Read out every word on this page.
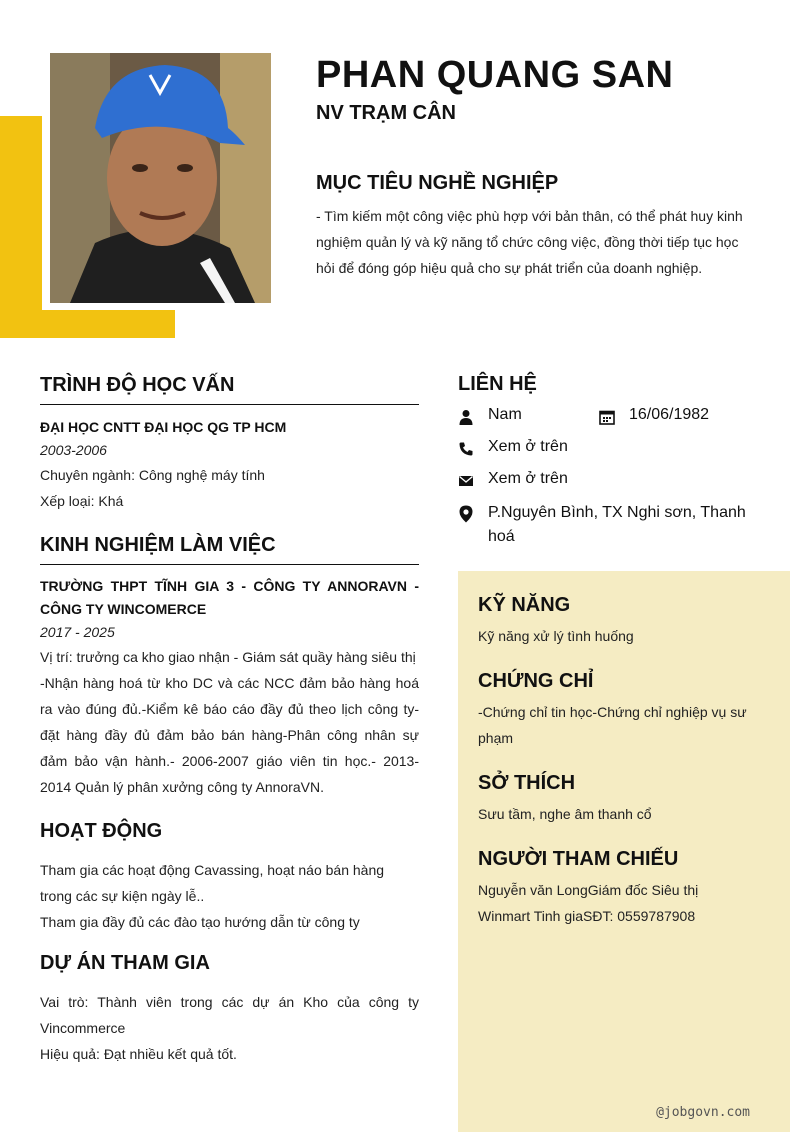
PHAN QUANG SAN
NV TRẠM CÂN
MỤC TIÊU NGHỀ NGHIỆP
- Tìm kiếm một công việc phù hợp với bản thân, có thể phát huy kinh nghiệm quản lý và kỹ năng tổ chức công việc, đồng thời tiếp tục học hỏi để đóng góp hiệu quả cho sự phát triển của doanh nghiệp.
TRÌNH ĐỘ HỌC VẤN
ĐẠI HỌC CNTT ĐẠI HỌC QG TP HCM
2003-2006
Chuyên ngành: Công nghệ máy tính
Xếp loại: Khá
KINH NGHIỆM LÀM VIỆC
TRƯỜNG THPT TĨNH GIA 3 - CÔNG TY ANNORAVN - CÔNG TY WINCOMERCE
2017 - 2025
Vị trí: trưởng ca kho giao nhận - Giám sát quầy hàng siêu thị
-Nhận hàng hoá từ kho DC và các NCC đảm bảo hàng hoá ra vào đúng đủ.-Kiểm kê báo cáo đầy đủ theo lịch công ty-đặt hàng đầy đủ đảm bảo bán hàng-Phân công nhân sự đảm bảo vận hành.- 2006-2007 giáo viên tin học.- 2013-2014 Quản lý phân xưởng công ty AnnoraVN.
HOẠT ĐỘNG
Tham gia các hoạt động Cavassing, hoạt náo bán hàng trong các sự kiện ngày lễ..
Tham gia đầy đủ các đào tạo hướng dẫn từ công ty
DỰ ÁN THAM GIA
Vai trò: Thành viên trong các dự án Kho của công ty Vincommerce
Hiệu quả: Đạt nhiều kết quả tốt.
LIÊN HỆ
Nam	16/06/1982
Xem ở trên
Xem ở trên
P.Nguyên Bình, TX Nghi sơn, Thanh hoá
KỸ NĂNG
Kỹ năng xử lý tình huống
CHỨNG CHỈ
-Chứng chỉ tin học-Chứng chỉ nghiệp vụ sư phạm
SỞ THÍCH
Sưu tầm, nghe âm thanh cổ
NGƯỜI THAM CHIẾU
Nguyễn văn LongGiám đốc Siêu thị Winmart Tinh giaSĐT: 0559787908
@jobgovn.com
